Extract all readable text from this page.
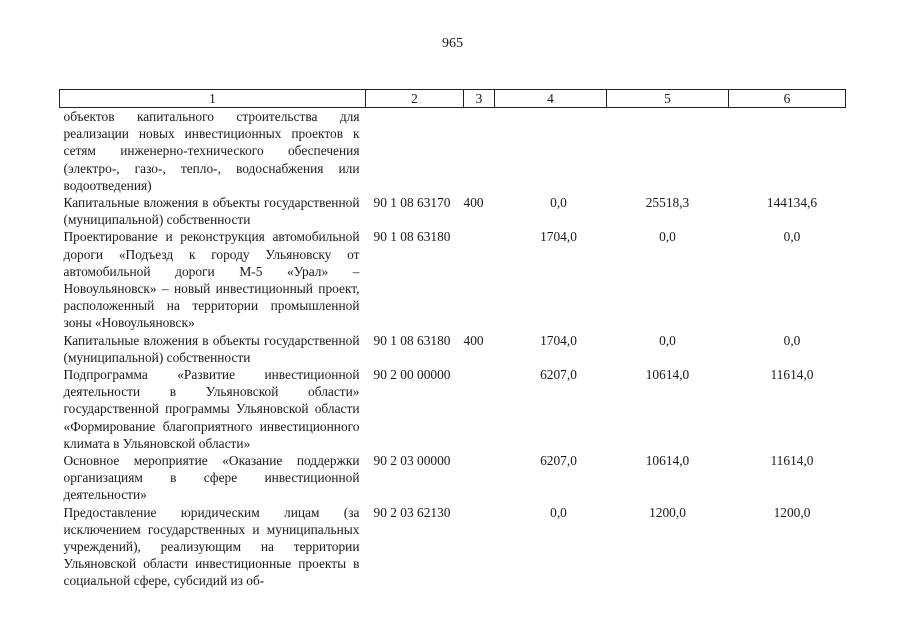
965
1	2	3	4	5	6
объектов капитального строительства для реализации новых инвестиционных проектов к сетям инженерно-технического обеспечения (электро-, газо-, тепло-, водоснабжения или водоотведения)					
Капитальные вложения в объекты государственной (муниципальной) собственности	90 1 08 63170	400	0,0	25518,3	144134,6
Проектирование и реконструкция автомобильной дороги «Подъезд к городу Ульяновску от автомобильной дороги М-5 «Урал» – Новоульяновск» – новый инвестиционный проект, расположенный на территории промышленной зоны «Новоульяновск»	90 1 08 63180		1704,0	0,0	0,0
Капитальные вложения в объекты государственной (муниципальной) собственности	90 1 08 63180	400	1704,0	0,0	0,0
Подпрограмма «Развитие инвестиционной деятельности в Ульяновской области» государственной программы Ульяновской области «Формирование благоприятного инвестиционного климата в Ульяновской области»	90 2 00 00000		6207,0	10614,0	11614,0
Основное мероприятие «Оказание поддержки организациям в сфере инвестиционной деятельности»	90 2 03 00000		6207,0	10614,0	11614,0
Предоставление юридическим лицам (за исключением государственных и муниципальных учреждений), реализующим на территории Ульяновской области инвестиционные проекты в социальной сфере, субсидий из об-	90 2 03 62130		0,0	1200,0	1200,0
